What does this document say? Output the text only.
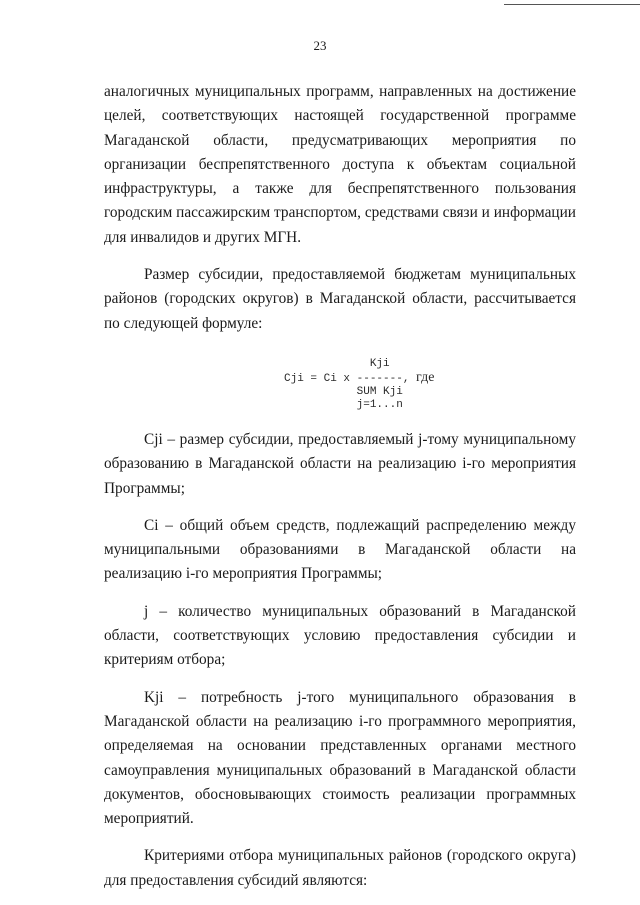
23

аналогичных муниципальных программ, направленных на достижение целей, соответствующих настоящей государственной программе Магаданской области, предусматривающих мероприятия по организации беспрепятственного доступа к объектам социальной инфраструктуры, а также для беспрепятственного пользования городским пассажирским транспортом, средствами связи и информации для инвалидов и других МГН.

Размер субсидии, предоставляемой бюджетам муниципальных районов (городских округов) в Магаданской области, рассчитывается по следующей формуле:

Kji
Cji = Ci x -------, где
SUM Kji
j=1...n

Cji – размер субсидии, предоставляемый j-тому муниципальному образованию в Магаданской области на реализацию i-го мероприятия Программы;

Ci – общий объем средств, подлежащий распределению между муниципальными образованиями в Магаданской области на реализацию i-го мероприятия Программы;

j – количество муниципальных образований в Магаданской области, соответствующих условию предоставления субсидии и критериям отбора;

Kji – потребность j-того муниципального образования в Магаданской области на реализацию i-го программного мероприятия, определяемая на основании представленных органами местного самоуправления муниципальных образований в Магаданской области документов, обосновывающих стоимость реализации программных мероприятий.

Критериями отбора муниципальных районов (городского округа) для предоставления субсидий являются:
